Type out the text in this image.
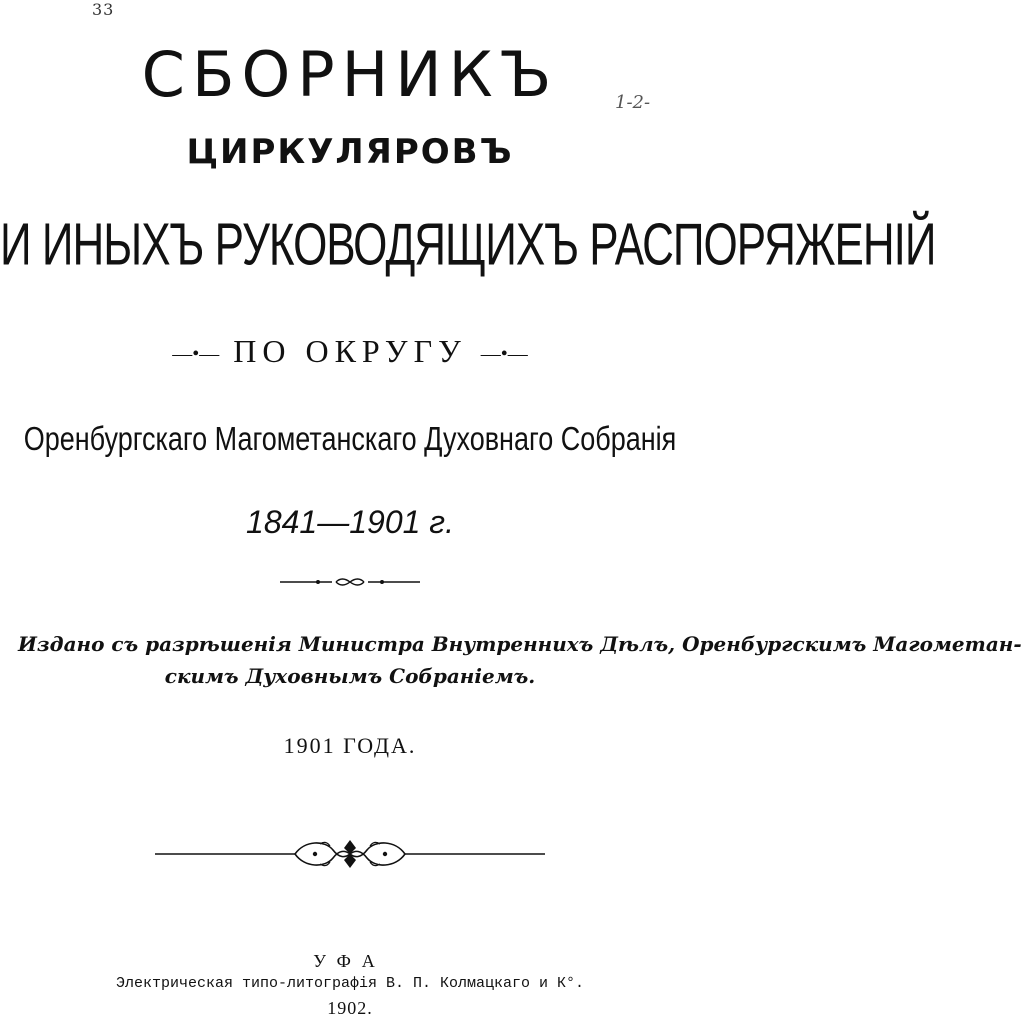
33
1-2-
СБОРНИКЪ
ЦИРКУЛЯРОВЪ
И ИНЫХЪ РУКОВОДЯЩИХЪ РАСПОРЯЖЕНІЙ
—•— ПО ОКРУГУ —•—
Оренбургскаго Магометанскаго Духовнаго Собранія
1841—1901 г.
Издано съ разрѣшенія Министра Внутреннихъ Дѣлъ, Оренбургскимъ Магометан-
скимъ Духовнымъ Собраніемъ.
1901 ГОДА.
УФА
Электрическая типо-литографія В. П. Колмацкаго и К°.
1902.
